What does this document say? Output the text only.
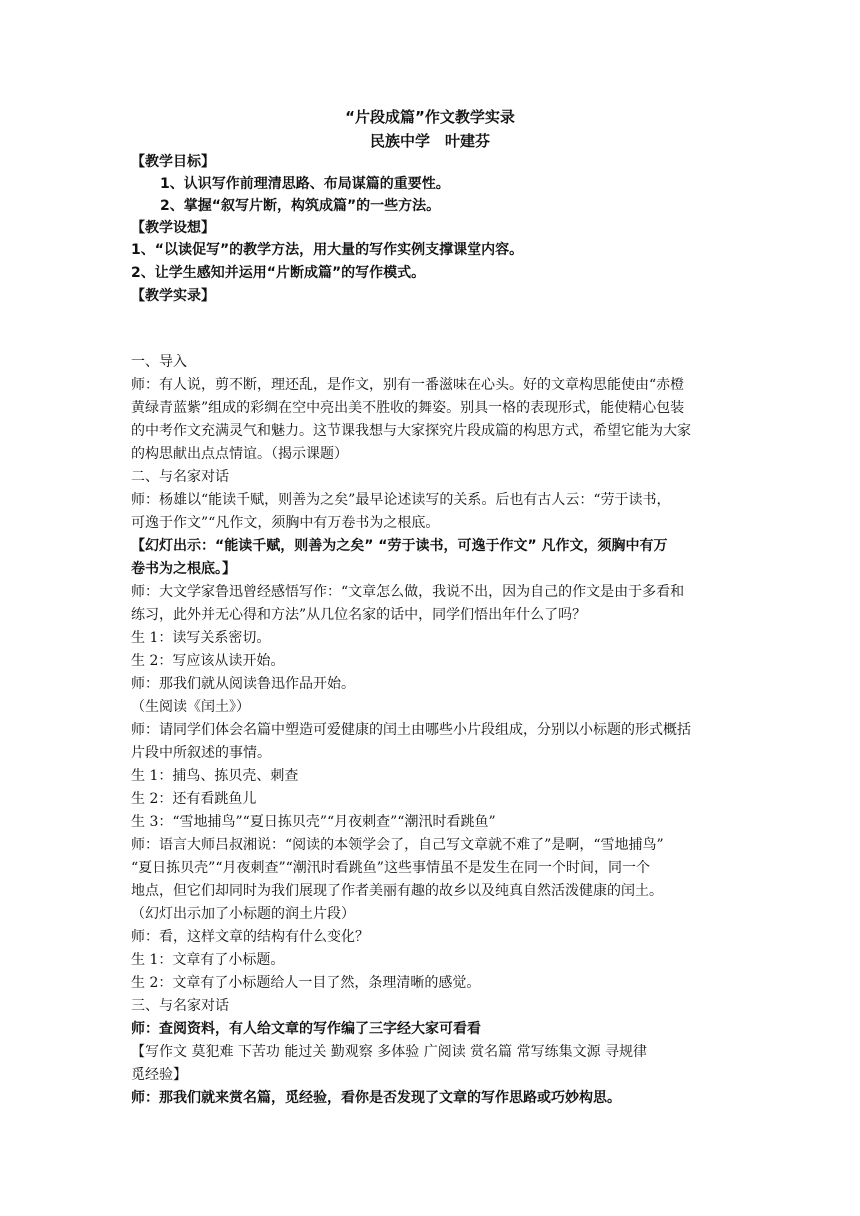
“片段成篇”作文教学实录
民族中学　叶建芬
【教学目标】
1、认识写作前理清思路、布局谋篇的重要性。
2、掌握“叙写片断，构筑成篇”的一些方法。
【教学设想】
1、“以读促写”的教学方法，用大量的写作实例支撑课堂内容。
2、让学生感知并运用“片断成篇”的写作模式。
【教学实录】
一、导入
师：有人说，剪不断，理还乱，是作文，别有一番滋味在心头。好的文章构思能使由“赤橙
黄绿青蓝紫”组成的彩绸在空中亮出美不胜收的舞姿。别具一格的表现形式，能使精心包装
的中考作文充满灵气和魅力。这节课我想与大家探究片段成篇的构思方式，希望它能为大家
的构思献出点点情谊。（揭示课题）
二、与名家对话
师：杨雄以“能读千赋，则善为之矣”最早论述读写的关系。后也有古人云：“劳于读书，
可逸于作文”“凡作文，须胸中有万卷书为之根底。
【幻灯出示：“能读千赋，则善为之矣” “劳于读书，可逸于作文” 凡作文，须胸中有万
卷书为之根底。】
师：大文学家鲁迅曾经感悟写作：“文章怎么做，我说不出，因为自己的作文是由于多看和
练习，此外并无心得和方法”从几位名家的话中，同学们悟出年什么了吗？
生 1：读写关系密切。
生 2：写应该从读开始。
师：那我们就从阅读鲁迅作品开始。
（生阅读《闰土》）
师：请同学们体会名篇中塑造可爱健康的闰土由哪些小片段组成，分别以小标题的形式概括
片段中所叙述的事情。
生 1：捕鸟、拣贝壳、刺查
生 2：还有看跳鱼儿
生 3：“雪地捕鸟”“夏日拣贝壳”“月夜刺查”“潮汛时看跳鱼”
师：语言大师吕叔湘说：“阅读的本领学会了，自己写文章就不难了”是啊，“雪地捕鸟”
“夏日拣贝壳”“月夜刺查”“潮汛时看跳鱼”这些事情虽不是发生在同一个时间，同一个
地点，但它们却同时为我们展现了作者美丽有趣的故乡以及纯真自然活泼健康的闰土。
（幻灯出示加了小标题的润土片段）
师：看，这样文章的结构有什么变化？
生 1：文章有了小标题。
生 2：文章有了小标题给人一目了然，条理清晰的感觉。
三、与名家对话
师：查阅资料，有人给文章的写作编了三字经大家可看看
【写作文 莫犯难 下苦功 能过关 勤观察 多体验 广阅读 赏名篇 常写练集文源 寻规律
觅经验】
师：那我们就来赏名篇，觅经验，看你是否发现了文章的写作思路或巧妙构思。
